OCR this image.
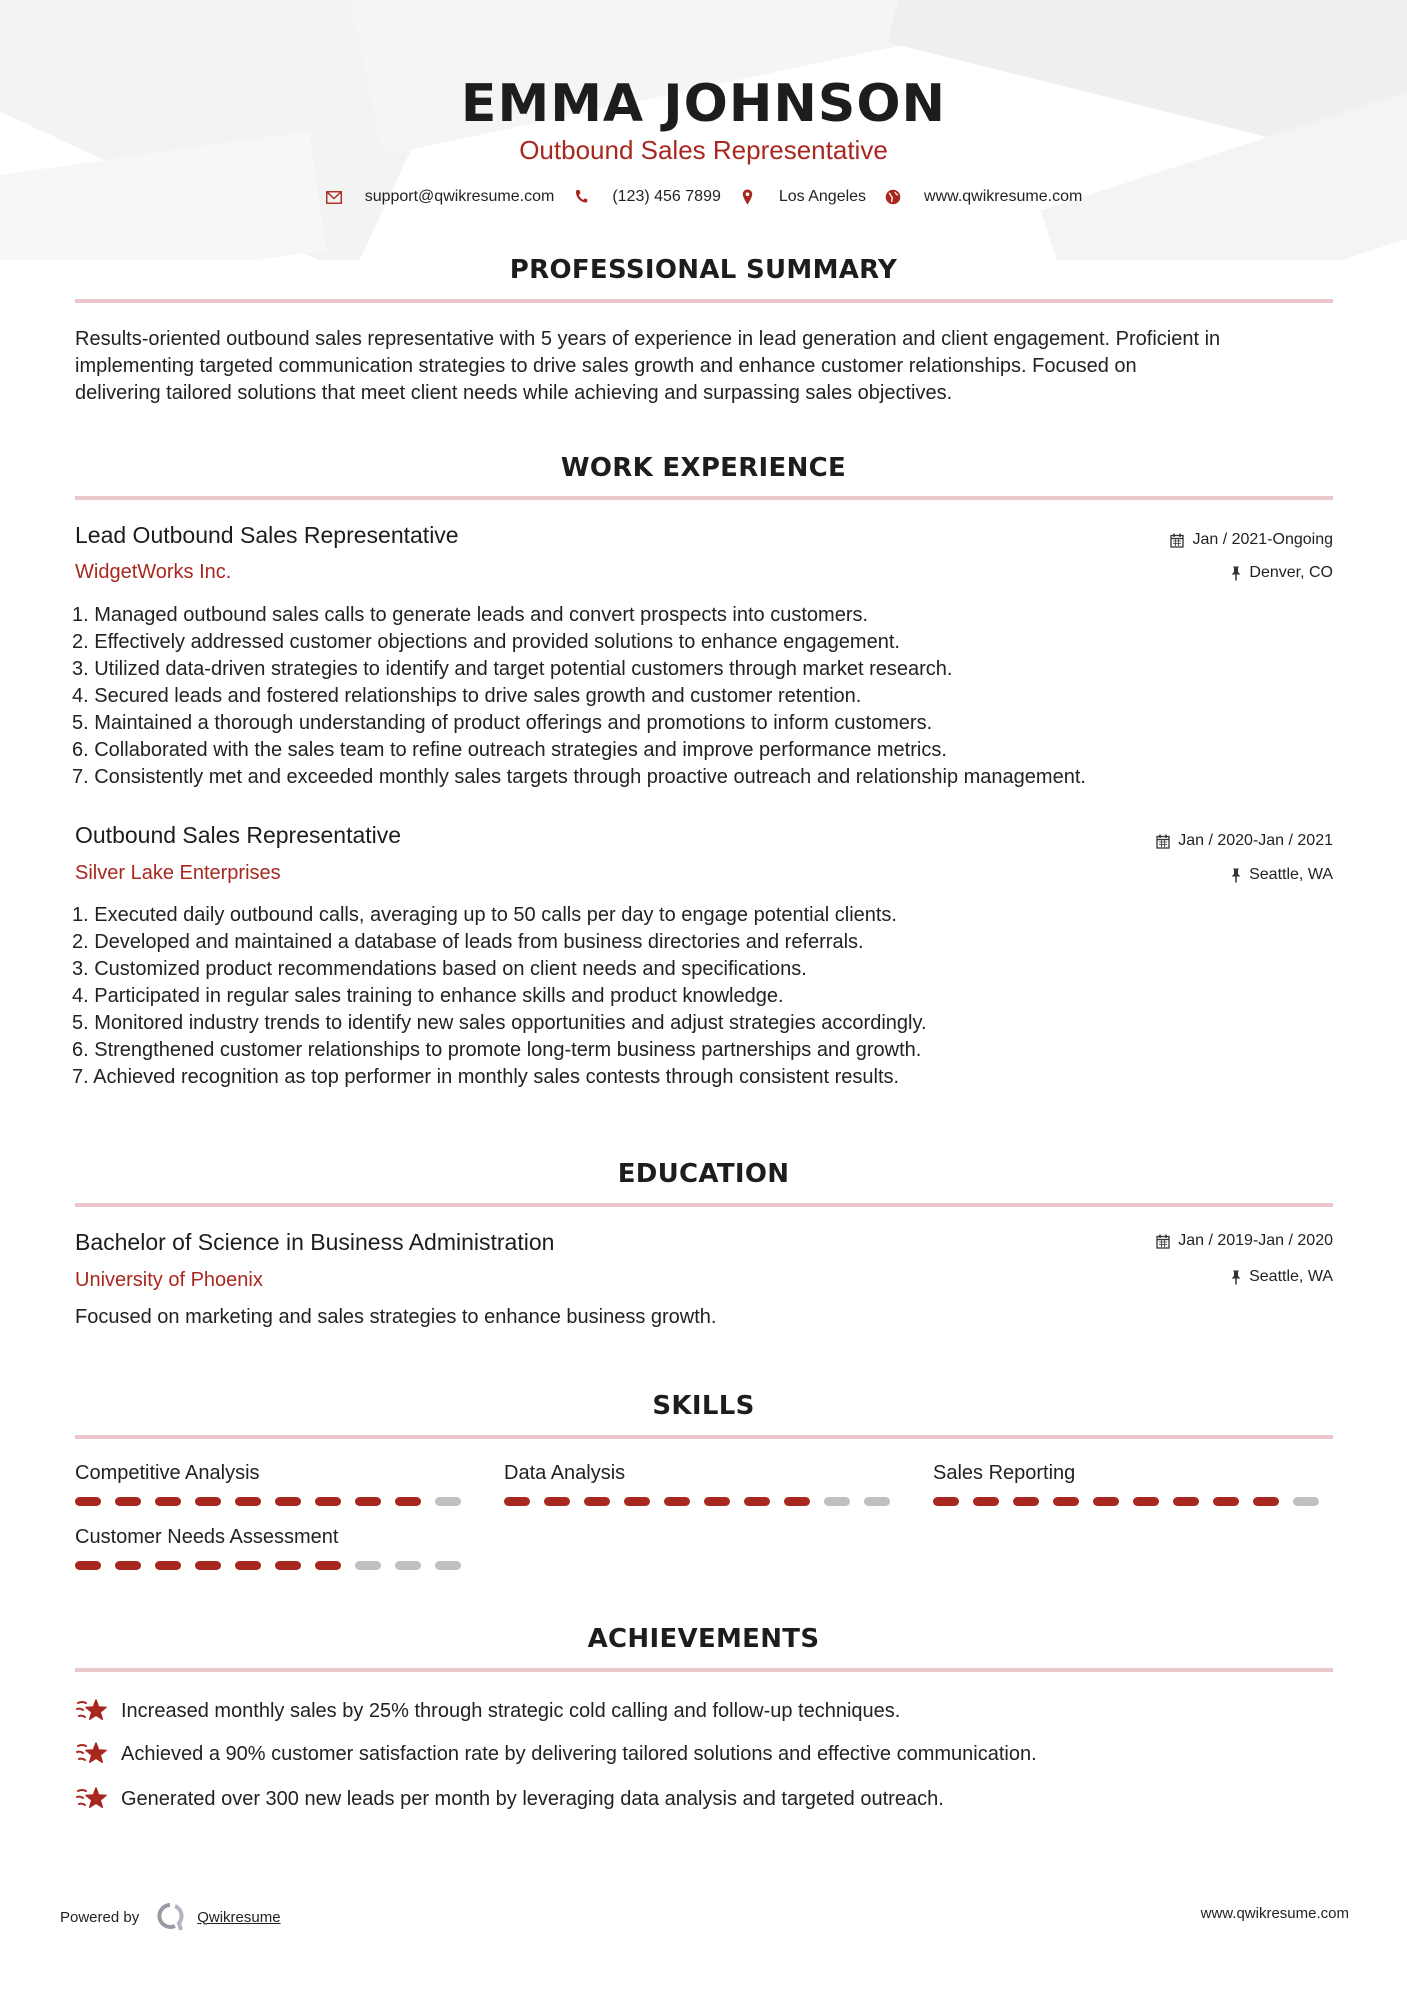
EMMA JOHNSON
Outbound Sales Representative
support@qwikresume.com	(123) 456 7899	Los Angeles	www.qwikresume.com
PROFESSIONAL SUMMARY
Results-oriented outbound sales representative with 5 years of experience in lead generation and client engagement. Proficient in
implementing targeted communication strategies to drive sales growth and enhance customer relationships. Focused on
delivering tailored solutions that meet client needs while achieving and surpassing sales objectives.
WORK EXPERIENCE
Lead Outbound Sales Representative	Jan / 2021-Ongoing
WidgetWorks Inc.	Denver, CO
1. Managed outbound sales calls to generate leads and convert prospects into customers.
2. Effectively addressed customer objections and provided solutions to enhance engagement.
3. Utilized data-driven strategies to identify and target potential customers through market research.
4. Secured leads and fostered relationships to drive sales growth and customer retention.
5. Maintained a thorough understanding of product offerings and promotions to inform customers.
6. Collaborated with the sales team to refine outreach strategies and improve performance metrics.
7. Consistently met and exceeded monthly sales targets through proactive outreach and relationship management.
Outbound Sales Representative	Jan / 2020-Jan / 2021
Silver Lake Enterprises	Seattle, WA
1. Executed daily outbound calls, averaging up to 50 calls per day to engage potential clients.
2. Developed and maintained a database of leads from business directories and referrals.
3. Customized product recommendations based on client needs and specifications.
4. Participated in regular sales training to enhance skills and product knowledge.
5. Monitored industry trends to identify new sales opportunities and adjust strategies accordingly.
6. Strengthened customer relationships to promote long-term business partnerships and growth.
7. Achieved recognition as top performer in monthly sales contests through consistent results.
EDUCATION
Bachelor of Science in Business Administration	Jan / 2019-Jan / 2020
University of Phoenix	Seattle, WA
Focused on marketing and sales strategies to enhance business growth.
SKILLS
Competitive Analysis	Data Analysis	Sales Reporting
Customer Needs Assessment
ACHIEVEMENTS
Increased monthly sales by 25% through strategic cold calling and follow-up techniques.
Achieved a 90% customer satisfaction rate by delivering tailored solutions and effective communication.
Generated over 300 new leads per month by leveraging data analysis and targeted outreach.
Powered by	Qwikresume	www.qwikresume.com
